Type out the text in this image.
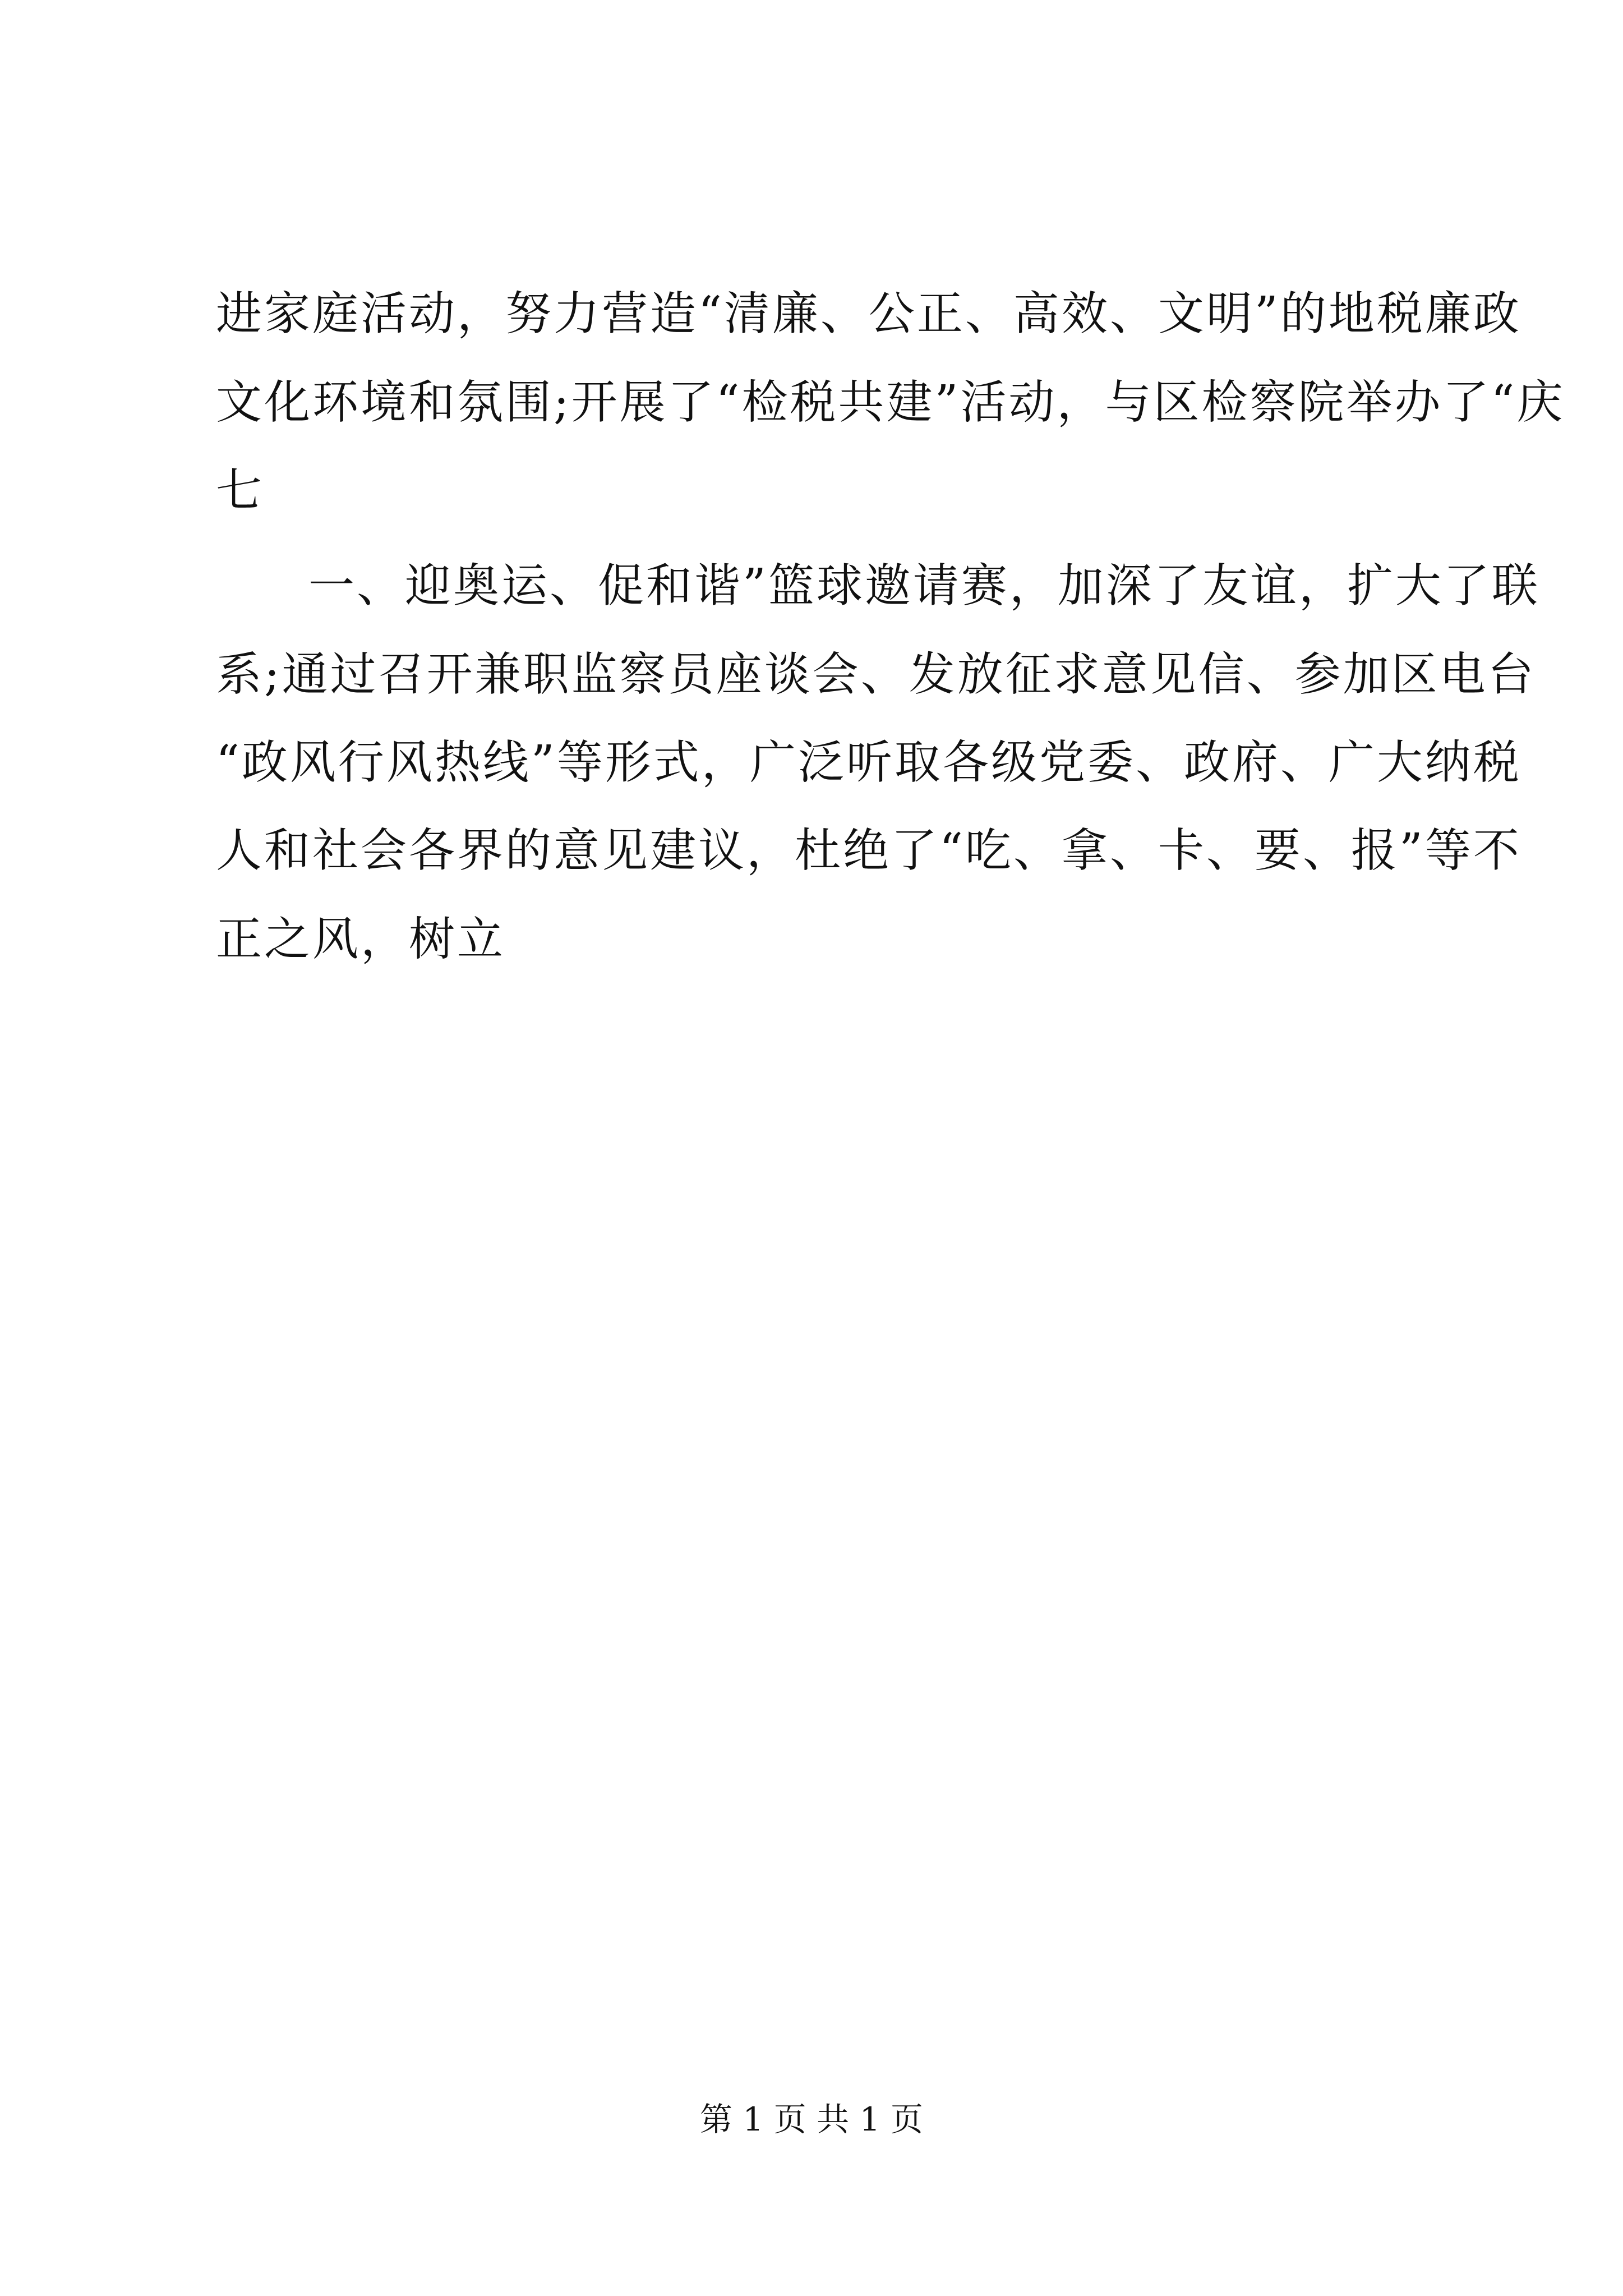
进家庭活动，努力营造“清廉、公正、高效、文明”的地税廉政
文化环境和氛围;开展了“检税共建”活动，与区检察院举办了“庆
七
一、迎奥运、促和谐”篮球邀请赛，加深了友谊，扩大了联
系;通过召开兼职监察员座谈会、发放征求意见信、参加区电台
“政风行风热线”等形式，广泛听取各级党委、政府、广大纳税
人和社会各界的意见建议，杜绝了“吃、拿、卡、要、报”等不
正之风，树立
第 1 页 共 1 页
